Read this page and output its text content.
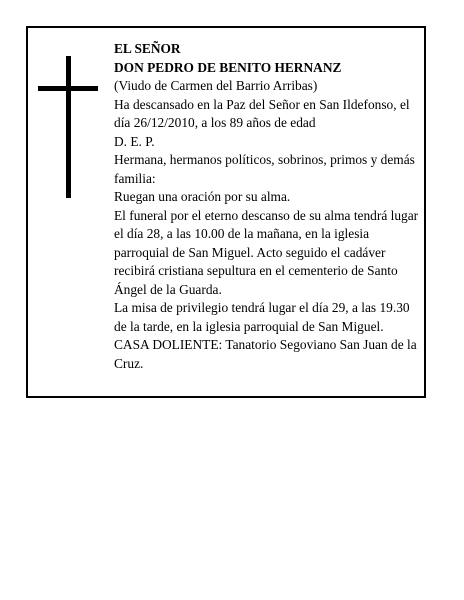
EL SEÑOR

DON PEDRO DE BENITO HERNANZ

(Viudo de Carmen del Barrio Arribas)

Ha descansado en la Paz del Señor en San Ildefonso, el día 26/12/2010, a los 89 años de edad

D. E. P.

Hermana, hermanos políticos, sobrinos, primos y demás familia:

Ruegan una oración por su alma.

El funeral por el eterno descanso de su alma tendrá lugar el día 28, a las 10.00 de la mañana, en la iglesia parroquial de San Miguel. Acto seguido el cadáver recibirá cristiana sepultura en el cementerio de Santo Ángel de la Guarda.

La misa de privilegio tendrá lugar el día 29, a las 19.30 de la tarde, en la iglesia parroquial de San Miguel.

CASA DOLIENTE: Tanatorio Segoviano San Juan de la Cruz.
